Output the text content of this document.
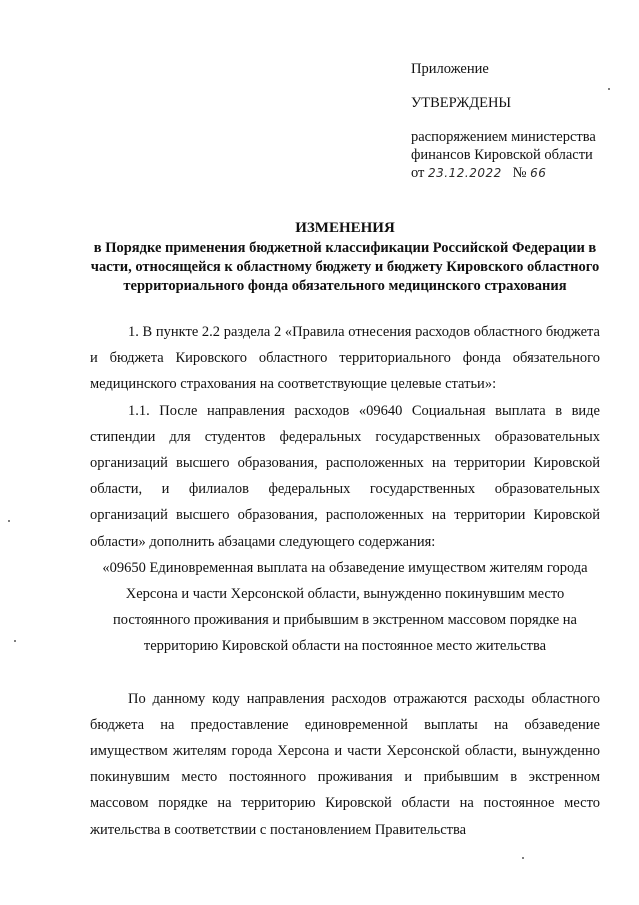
Приложение
УТВЕРЖДЕНЫ
распоряжением министерства
финансов Кировской области
от 23.12.2022 № 66
ИЗМЕНЕНИЯ
в Порядке применения бюджетной классификации Российской Федерации в части, относящейся к областному бюджету и бюджету Кировского областного территориального фонда обязательного медицинского страхования

1. В пункте 2.2 раздела 2 «Правила отнесения расходов областного бюджета и бюджета Кировского областного территориального фонда обязательного медицинского страхования на соответствующие целевые статьи»:

1.1. После направления расходов «09640 Социальная выплата в виде стипендии для студентов федеральных государственных образовательных организаций высшего образования, расположенных на территории Кировской области, и филиалов федеральных государственных образовательных организаций высшего образования, расположенных на территории Кировской области» дополнить абзацами следующего содержания:

«09650 Единовременная выплата на обзаведение имуществом жителям города Херсона и части Херсонской области, вынужденно покинувшим место постоянного проживания и прибывшим в экстренном массовом порядке на территорию Кировской области на постоянное место жительства

По данному коду направления расходов отражаются расходы областного бюджета на предоставление единовременной выплаты на обзаведение имуществом жителям города Херсона и части Херсонской области, вынужденно покинувшим место постоянного проживания и прибывшим в экстренном массовом порядке на территорию Кировской области на постоянное место жительства в соответствии с постановлением Правительства
